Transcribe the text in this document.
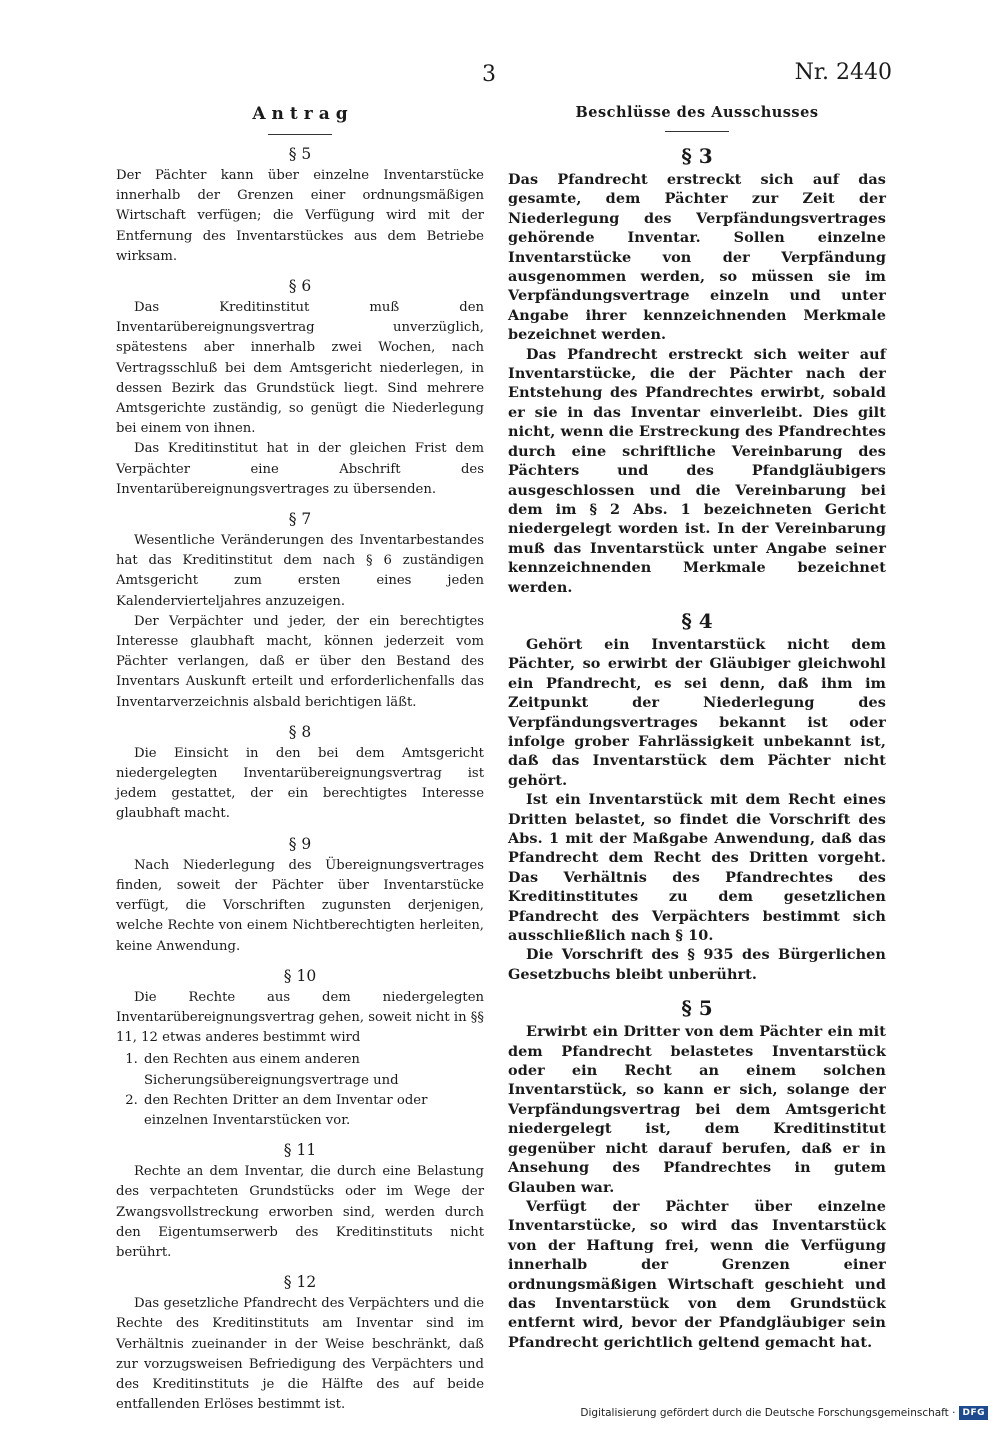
3	Nr. 2440
Antrag
§ 5

Der Pächter kann über einzelne Inventarstücke innerhalb der Grenzen einer ordnungsmäßigen Wirtschaft verfügen; die Verfügung wird mit der Entfernung des Inventarstückes aus dem Betriebe wirksam.

§ 6

Das Kreditinstitut muß den Inventarübereignungsvertrag unverzüglich, spätestens aber innerhalb zwei Wochen, nach Vertragsschluß bei dem Amtsgericht niederlegen, in dessen Bezirk das Grundstück liegt. Sind mehrere Amtsgerichte zuständig, so genügt die Niederlegung bei einem von ihnen.

Das Kreditinstitut hat in der gleichen Frist dem Verpächter eine Abschrift des Inventarübereignungsvertrages zu übersenden.

§ 7

Wesentliche Veränderungen des Inventarbestandes hat das Kreditinstitut dem nach § 6 zuständigen Amtsgericht zum ersten eines jeden Kalendervierteljahres anzuzeigen.

Der Verpächter und jeder, der ein berechtigtes Interesse glaubhaft macht, können jederzeit vom Pächter verlangen, daß er über den Bestand des Inventars Auskunft erteilt und erforderlichenfalls das Inventarverzeichnis alsbald berichtigen läßt.

§ 8

Die Einsicht in den bei dem Amtsgericht niedergelegten Inventarübereignungsvertrag ist jedem gestattet, der ein berechtigtes Interesse glaubhaft macht.

§ 9

Nach Niederlegung des Übereignungsvertrages finden, soweit der Pächter über Inventarstücke verfügt, die Vorschriften zugunsten derjenigen, welche Rechte von einem Nichtberechtigten herleiten, keine Anwendung.

§ 10

Die Rechte aus dem niedergelegten Inventarübereignungsvertrag gehen, soweit nicht in §§ 11, 12 etwas anderes bestimmt wird

1. den Rechten aus einem anderen Sicherungsübereignungsvertrage und
2. den Rechten Dritter an dem Inventar oder einzelnen Inventarstücken vor.
§ 11

Rechte an dem Inventar, die durch eine Belastung des verpachteten Grundstücks oder im Wege der Zwangsvollstreckung erworben sind, werden durch den Eigentumserwerb des Kreditinstituts nicht berührt.

§ 12

Das gesetzliche Pfandrecht des Verpächters und die Rechte des Kreditinstituts am Inventar sind im Verhältnis zueinander in der Weise beschränkt, daß zur vorzugsweisen Befriedigung des Verpächters und des Kreditinstituts je die Hälfte des auf beide entfallenden Erlöses bestimmt ist.

Beschlüsse des Ausschusses
§ 3

Das Pfandrecht erstreckt sich auf das gesamte, dem Pächter zur Zeit der Niederlegung des Verpfändungsvertrages gehörende Inventar. Sollen einzelne Inventarstücke von der Verpfändung ausgenommen werden, so müssen sie im Verpfändungsvertrage einzeln und unter Angabe ihrer kennzeichnenden Merkmale bezeichnet werden.

Das Pfandrecht erstreckt sich weiter auf Inventarstücke, die der Pächter nach der Entstehung des Pfandrechtes erwirbt, sobald er sie in das Inventar einverleibt. Dies gilt nicht, wenn die Erstreckung des Pfandrechtes durch eine schriftliche Vereinbarung des Pächters und des Pfandgläubigers ausgeschlossen und die Vereinbarung bei dem im § 2 Abs. 1 bezeichneten Gericht niedergelegt worden ist. In der Vereinbarung muß das Inventarstück unter Angabe seiner kennzeichnenden Merkmale bezeichnet werden.

§ 4

Gehört ein Inventarstück nicht dem Pächter, so erwirbt der Gläubiger gleichwohl ein Pfandrecht, es sei denn, daß ihm im Zeitpunkt der Niederlegung des Verpfändungsvertrages bekannt ist oder infolge grober Fahrlässigkeit unbekannt ist, daß das Inventarstück dem Pächter nicht gehört.

Ist ein Inventarstück mit dem Recht eines Dritten belastet, so findet die Vorschrift des Abs. 1 mit der Maßgabe Anwendung, daß das Pfandrecht dem Recht des Dritten vorgeht. Das Verhältnis des Pfandrechtes des Kreditinstitutes zu dem gesetzlichen Pfandrecht des Verpächters bestimmt sich ausschließlich nach § 10.

Die Vorschrift des § 935 des Bürgerlichen Gesetzbuchs bleibt unberührt.

§ 5

Erwirbt ein Dritter von dem Pächter ein mit dem Pfandrecht belastetes Inventarstück oder ein Recht an einem solchen Inventarstück, so kann er sich, solange der Verpfändungsvertrag bei dem Amtsgericht niedergelegt ist, dem Kreditinstitut gegenüber nicht darauf berufen, daß er in Ansehung des Pfandrechtes in gutem Glauben war.

Verfügt der Pächter über einzelne Inventarstücke, so wird das Inventarstück von der Haftung frei, wenn die Verfügung innerhalb der Grenzen einer ordnungsmäßigen Wirtschaft geschieht und das Inventarstück von dem Grundstück entfernt wird, bevor der Pfandgläubiger sein Pfandrecht gerichtlich geltend gemacht hat.

Digitalisierung gefördert durch die Deutsche Forschungsgemeinschaft · DFG
